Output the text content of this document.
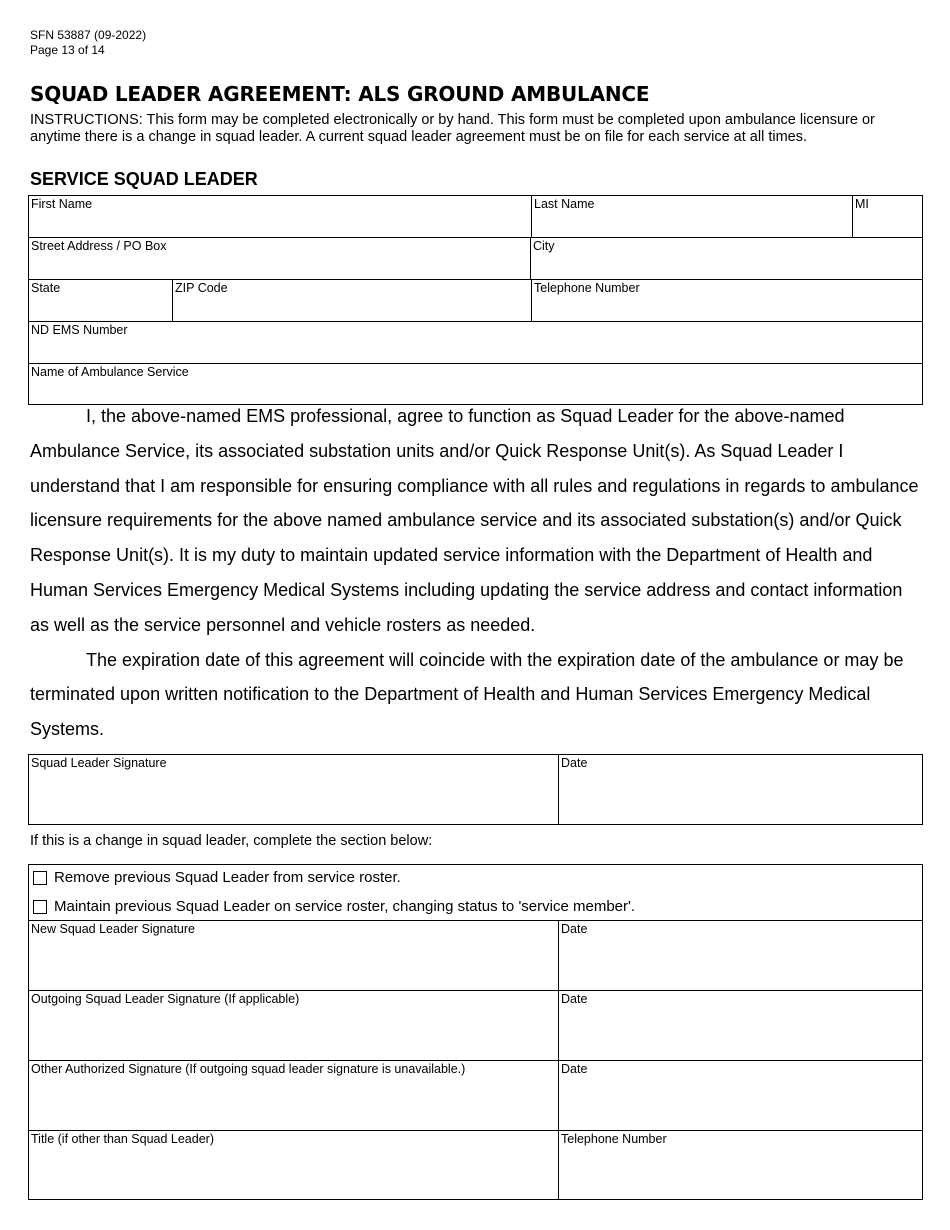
SFN 53887 (09-2022)
Page 13 of 14
SQUAD LEADER AGREEMENT: ALS GROUND AMBULANCE
INSTRUCTIONS: This form may be completed electronically or by hand. This form must be completed upon ambulance licensure or anytime there is a change in squad leader. A current squad leader agreement must be on file for each service at all times.
SERVICE SQUAD LEADER
First Name	Last Name	MI
Street Address / PO Box	City
State	ZIP Code	Telephone Number
ND EMS Number
Name of Ambulance Service

I, the above-named EMS professional, agree to function as Squad Leader for the above-named Ambulance Service, its associated substation units and/or Quick Response Unit(s). As Squad Leader I understand that I am responsible for ensuring compliance with all rules and regulations in regards to ambulance licensure requirements for the above named ambulance service and its associated substation(s) and/or Quick Response Unit(s). It is my duty to maintain updated service information with the Department of Health and Human Services Emergency Medical Systems including updating the service address and contact information as well as the service personnel and vehicle rosters as needed.

The expiration date of this agreement will coincide with the expiration date of the ambulance or may be terminated upon written notification to the Department of Health and Human Services Emergency Medical Systems.

Squad Leader Signature	Date
If this is a change in squad leader, complete the section below:
Remove previous Squad Leader from service roster.
Maintain previous Squad Leader on service roster, changing status to 'service member'.
New Squad Leader Signature	Date
Outgoing Squad Leader Signature (If applicable)	Date
Other Authorized Signature (If outgoing squad leader signature is unavailable.)	Date
Title (if other than Squad Leader)	Telephone Number
